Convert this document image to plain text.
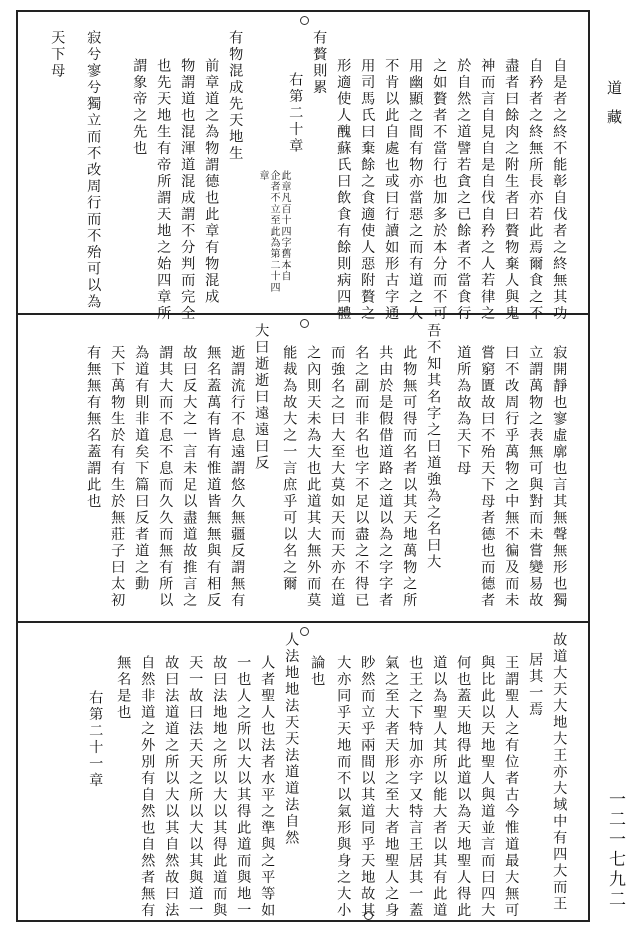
道藏
一二一七九二
自是者之終不能彰自伐者之終無其功
自矜者之終無所長亦若此焉爾食之不
盡者曰餘肉之附生者曰贅物棄人與鬼
神而言自見自是自伐自矜之人若律之
於自然之道譬若貪之已餘者不當食行
之如贅者不當行也加多於本分而不可
用幽顯之間有物亦當惡之而有道之人
不肯以此自處也或曰行讀如形古字通
用司馬氏曰棄餘之食適使人惡附贅之
形適使人醜蘇氏曰飲食有餘則病四體
有贅則累
右第二十章
此章凡百十四字舊本自
企者不立至此為第二十四
章
有物混成先天地生
前章道之為物謂德也此章有物混成
物謂道也混渾道混成謂不分判而完全
也先天地生有帝所謂天地之始四章所
謂象帝之先也
寂兮寥兮獨立而不改周行而不殆可以為
天下母
寂開靜也寥虛廓也言其無聲無形也獨
立謂萬物之表無可與對而未嘗變易故
曰不改周行乎萬物之中無不徧及而未
嘗窮匱故曰不殆天下母者德也而德者
道所為故為天下母
吾不知其名字之曰道強為之名曰大
此物無可得而名者以其天地萬物之所
共由於是假借道路之道以為之字字者
名之副而非名也字不足以盡之不得已
而強名之曰大至大莫如天而天亦在道
之內則天未為大也此道其大無外而莫
能裁為故大之一言庶乎可以名之爾
大曰逝逝曰遠遠曰反
逝謂流行不息遠謂悠久無疆反謂無有
無名蓋萬有皆有惟道皆無無與有相反
故曰反大之一言未足以盡道故推言之
謂其大而不息不息而久久而無有所以
為道有則非道矣下篇曰反者道之動
天下萬物生於有有生於無莊子曰太初
有無無有無名蓋謂此也
故道大天大地大王亦大域中有四大而王
居其一焉
王謂聖人之有位者古今惟道最大無可
與比此以天地聖人與道並言而曰四大
何也蓋天地得此道以為天地聖人得此
道以為聖人其所以能大者以其有此道
也王之下特加亦字又特言王居其一蓋
氣之至大者天形之至大者地聖人之身
眇然而立乎兩間以其道同乎天地故其
大亦同乎天地而不以氣形與身之大小
論也
人法地地法天天法道道法自然
人者聖人也法者水平之準與之平等如
一也人之所以大以其得此道而與地一
故曰法地地之所以大以其得此道而與
天一故曰法天天之所以大以其與道一
故曰法道道之所以大以其自然故曰法
自然非道之外別有自然也自然者無有
無名是也
右第二十一章
